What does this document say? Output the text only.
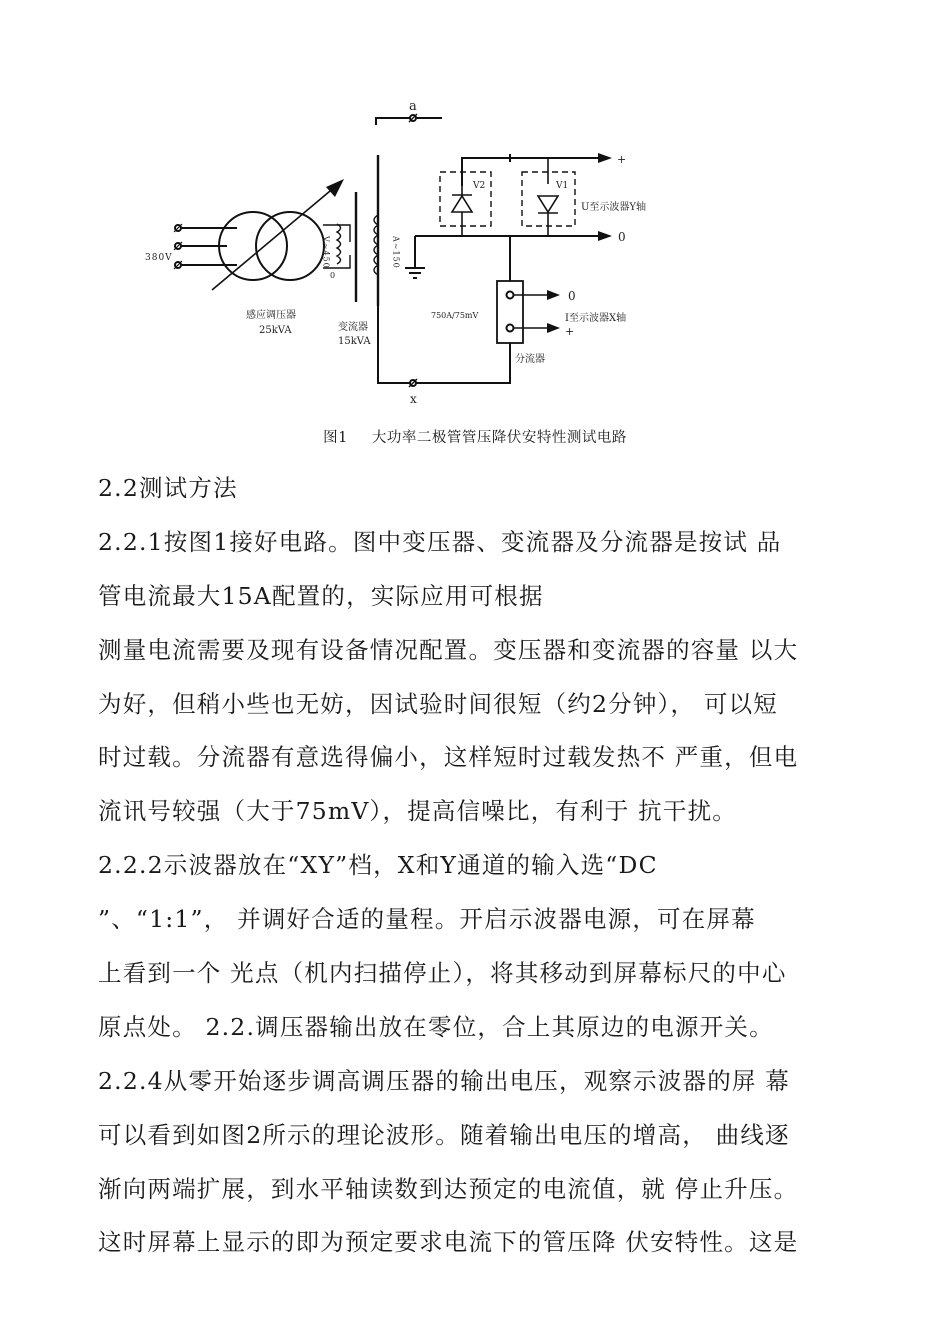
a
380V
感应调压器
25kVA
V~450
0
A~150
变流器
15kVA
x
+
V2	V1
U至示波器Y轴
0
750A/75mV
0
I至示波器X轴
+
分流器
图1 大功率二极管管压降伏安特性测试电路
2.2测试方法
2.2.1按图1接好电路。图中变压器、变流器及分流器是按试 品
管电流最大15A配置的，实际应用可根据
测量电流需要及现有设备情况配置。变压器和变流器的容量 以大
为好，但稍小些也无妨，因试验时间很短（约2分钟）， 可以短
时过载。分流器有意选得偏小，这样短时过载发热不 严重，但电
流讯号较强（大于75mV），提高信噪比，有利于 抗干扰。
2.2.2示波器放在“XY”档，X和Y通道的输入选“DC
”、“1:1”， 并调好合适的量程。开启示波器电源，可在屏幕
上看到一个 光点（机内扫描停止），将其移动到屏幕标尺的中心
原点处。 2.2.调压器输出放在零位，合上其原边的电源开关。
2.2.4从零开始逐步调高调压器的输出电压，观察示波器的屏 幕
可以看到如图2所示的理论波形。随着输出电压的增高， 曲线逐
渐向两端扩展，到水平轴读数到达预定的电流值，就 停止升压。
这时屏幕上显示的即为预定要求电流下的管压降 伏安特性。这是
